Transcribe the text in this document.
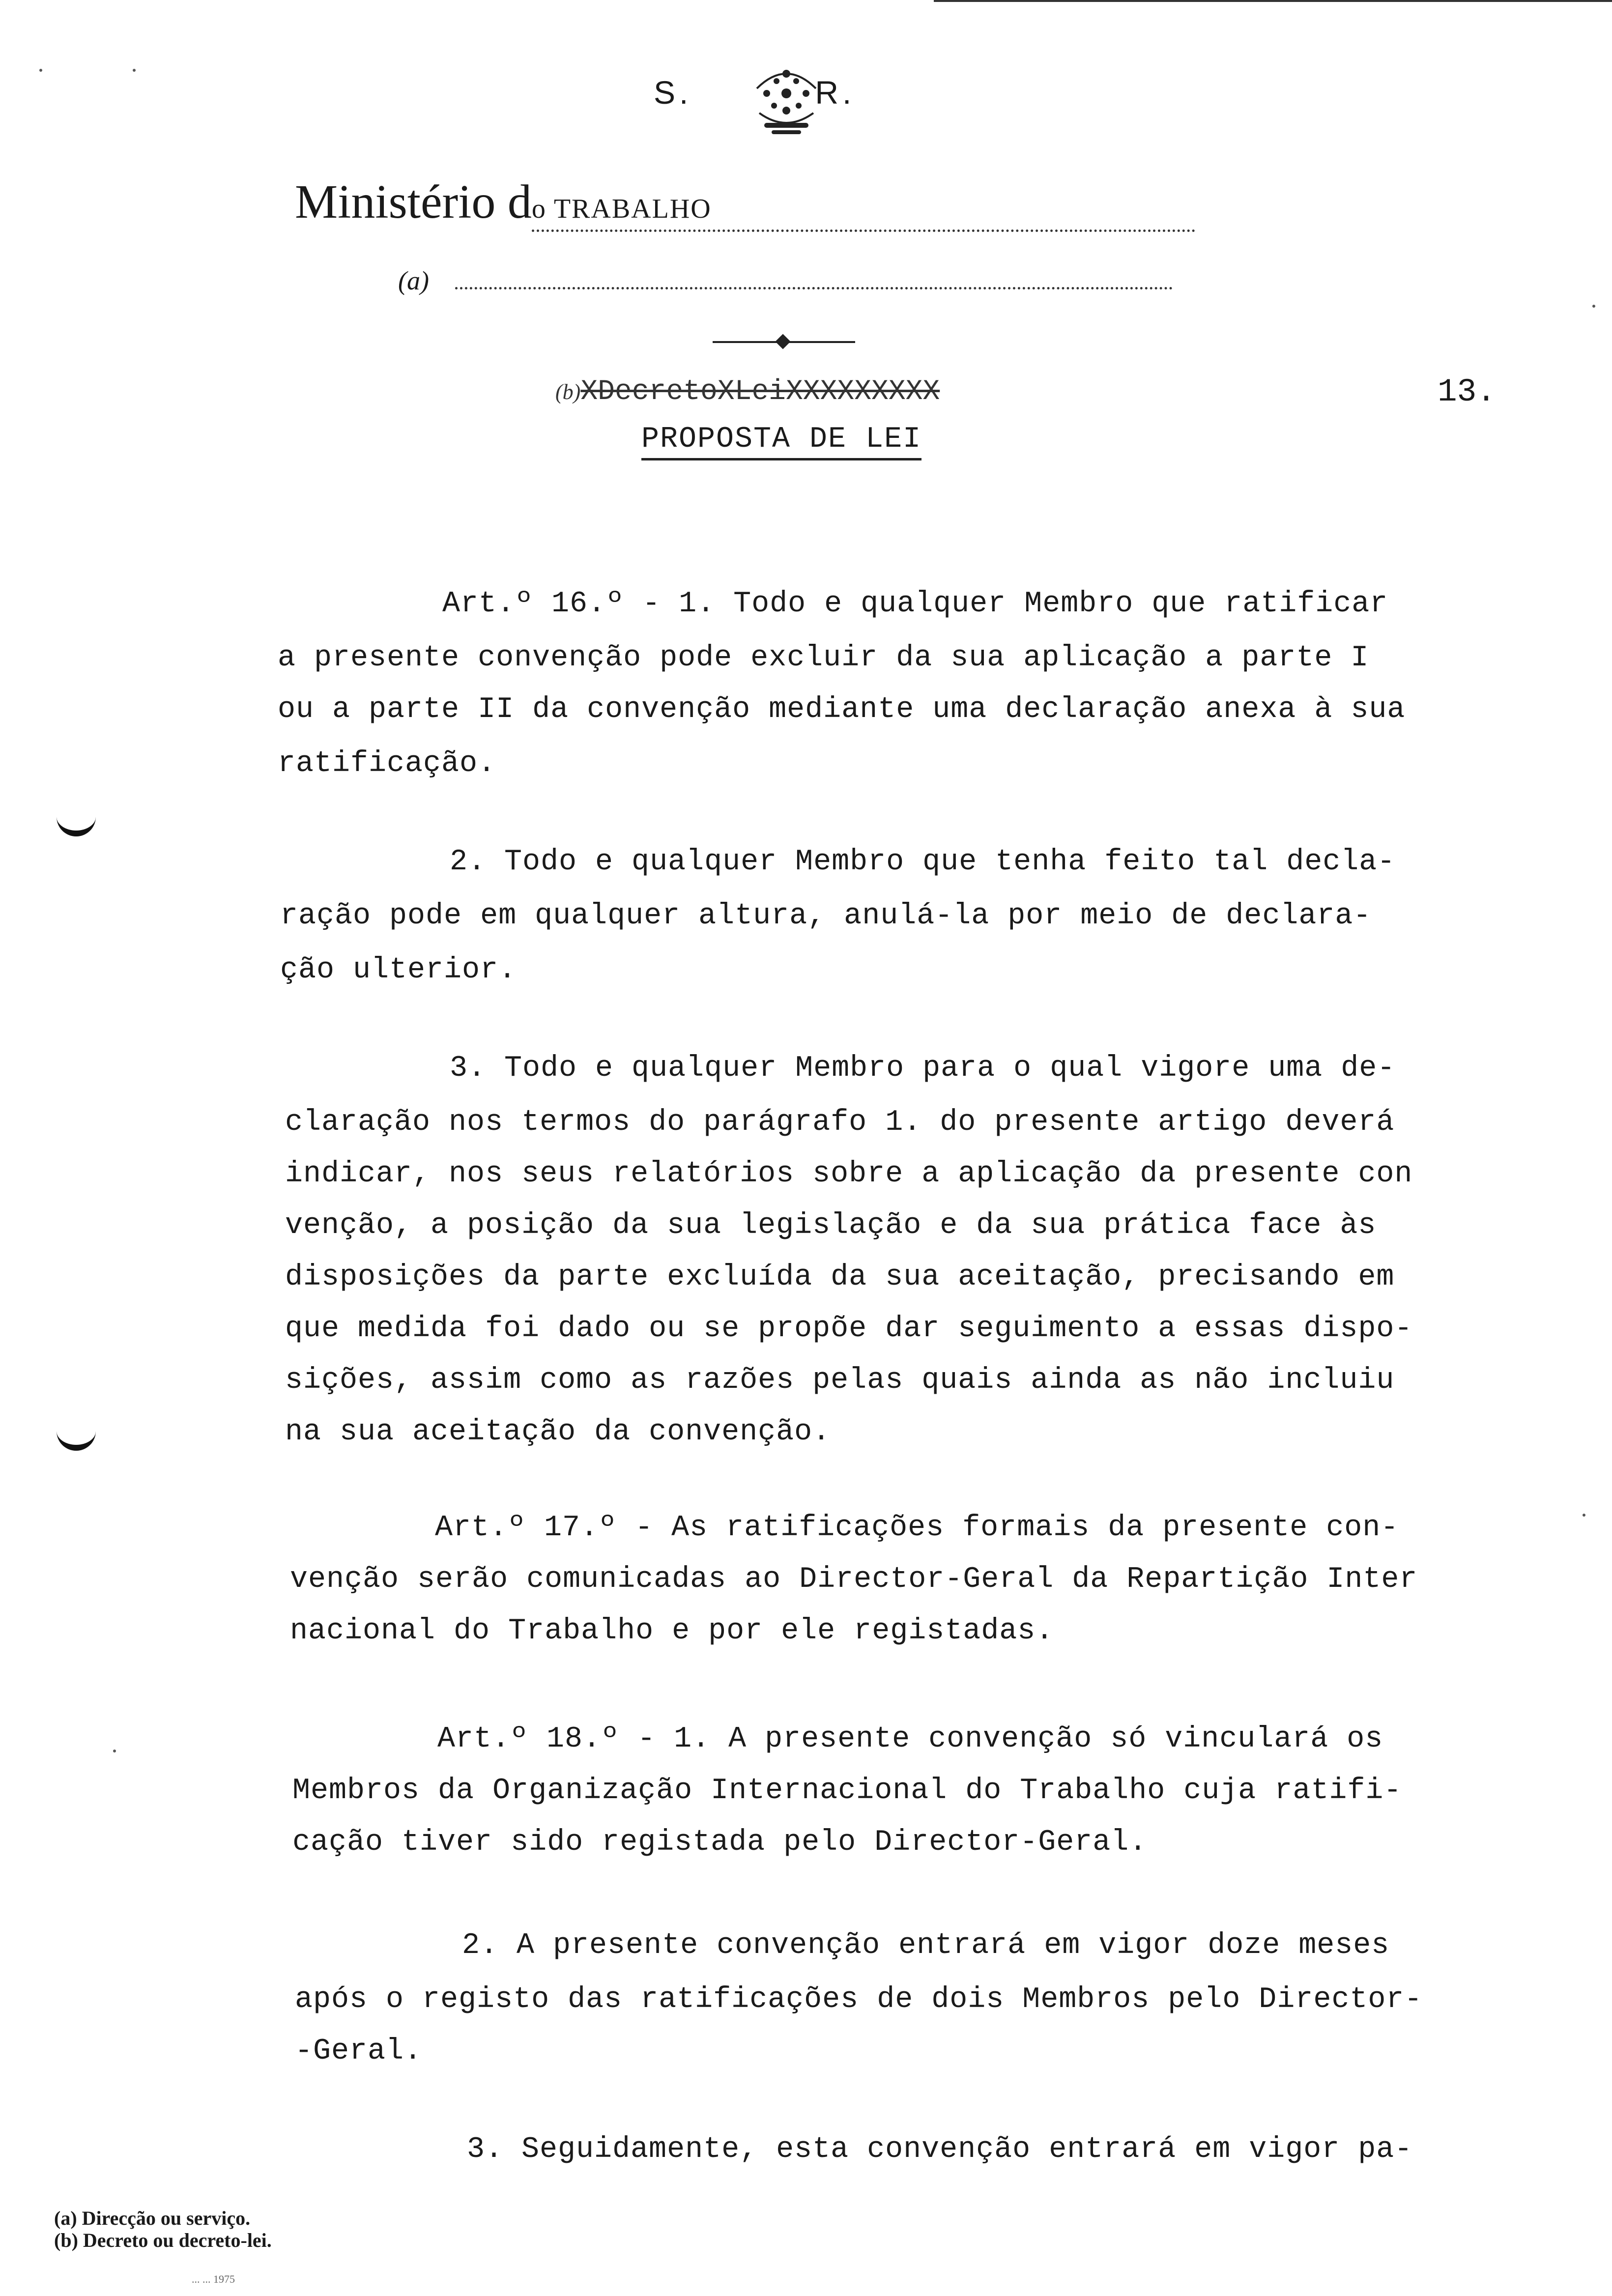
S.	R.
Ministério do TRABALHO
(a)
(b)XDecretoXLeiXXXXXXXXX	13.
PROPOSTA DE LEI
Art.º 16.º - 1. Todo e qualquer Membro que ratificar
a presente convenção pode excluir da sua aplicação a parte I
ou a parte II da convenção mediante uma declaração anexa à sua
ratificação.
2. Todo e qualquer Membro que tenha feito tal decla-
ração pode em qualquer altura, anulá-la por meio de declara-
ção ulterior.
3. Todo e qualquer Membro para o qual vigore uma de-
claração nos termos do parágrafo 1. do presente artigo deverá
indicar, nos seus relatórios sobre a aplicação da presente con
venção, a posição da sua legislação e da sua prática face às
disposições da parte excluída da sua aceitação, precisando em
que medida foi dado ou se propõe dar seguimento a essas dispo-
sições, assim como as razões pelas quais ainda as não incluiu
na sua aceitação da convenção.
Art.º 17.º - As ratificações formais da presente con-
venção serão comunicadas ao Director-Geral da Repartição Inter
nacional do Trabalho e por ele registadas.
Art.º 18.º - 1. A presente convenção só vinculará os
Membros da Organização Internacional do Trabalho cuja ratifi-
cação tiver sido registada pelo Director-Geral.
2. A presente convenção entrará em vigor doze meses
após o registo das ratificações de dois Membros pelo Director-
-Geral.
3. Seguidamente, esta convenção entrará em vigor pa-
(a) Direcção ou serviço.
(b) Decreto ou decreto-lei.
... ... 1975
